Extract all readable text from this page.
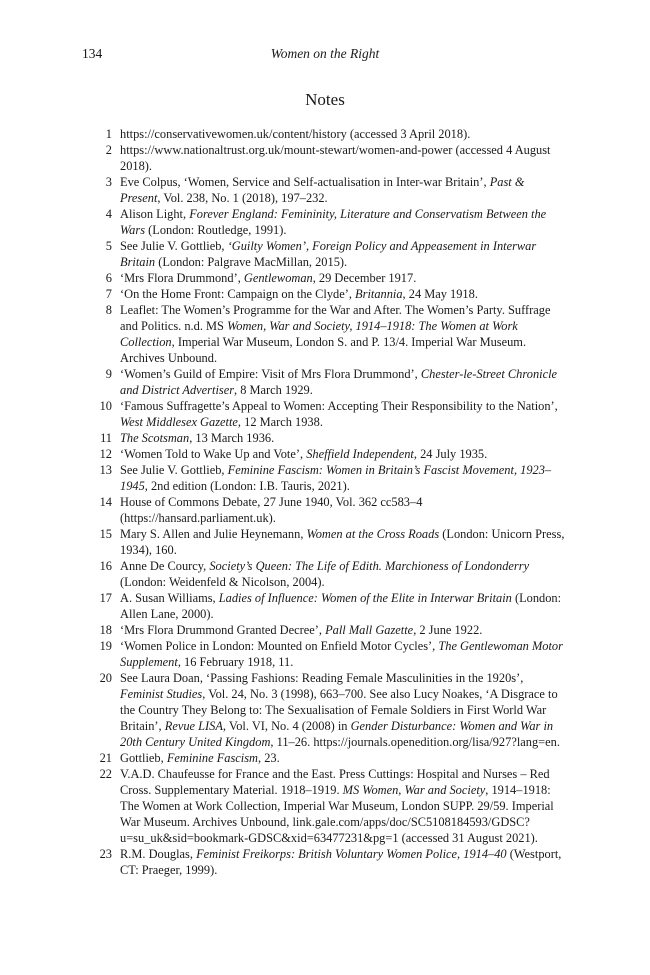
134	Women on the Right
Notes
1 https://conservativewomen.uk/content/history (accessed 3 April 2018).
2 https://www.nationaltrust.org.uk/mount-stewart/women-and-power (accessed 4 August 2018).
3 Eve Colpus, ‘Women, Service and Self-actualisation in Inter-war Britain’, Past & Present, Vol. 238, No. 1 (2018), 197–232.
4 Alison Light, Forever England: Femininity, Literature and Conservatism Between the Wars (London: Routledge, 1991).
5 See Julie V. Gottlieb, ‘Guilty Women’, Foreign Policy and Appeasement in Interwar Britain (London: Palgrave MacMillan, 2015).
6 ‘Mrs Flora Drummond’, Gentlewoman, 29 December 1917.
7 ‘On the Home Front: Campaign on the Clyde’, Britannia, 24 May 1918.
8 Leaflet: The Women’s Programme for the War and After. The Women’s Party. Suffrage and Politics. n.d. MS Women, War and Society, 1914–1918: The Women at Work Collection, Imperial War Museum, London S. and P. 13/4. Imperial War Museum. Archives Unbound.
9 ‘Women’s Guild of Empire: Visit of Mrs Flora Drummond’, Chester-le-Street Chronicle and District Advertiser, 8 March 1929.
10 ‘Famous Suffragette’s Appeal to Women: Accepting Their Responsibility to the Nation’, West Middlesex Gazette, 12 March 1938.
11 The Scotsman, 13 March 1936.
12 ‘Women Told to Wake Up and Vote’, Sheffield Independent, 24 July 1935.
13 See Julie V. Gottlieb, Feminine Fascism: Women in Britain’s Fascist Movement, 1923–1945, 2nd edition (London: I.B. Tauris, 2021).
14 House of Commons Debate, 27 June 1940, Vol. 362 cc583–4 (https://hansard.parliament.uk).
15 Mary S. Allen and Julie Heynemann, Women at the Cross Roads (London: Unicorn Press, 1934), 160.
16 Anne De Courcy, Society’s Queen: The Life of Edith. Marchioness of Londonderry (London: Weidenfeld & Nicolson, 2004).
17 A. Susan Williams, Ladies of Influence: Women of the Elite in Interwar Britain (London: Allen Lane, 2000).
18 ‘Mrs Flora Drummond Granted Decree’, Pall Mall Gazette, 2 June 1922.
19 ‘Women Police in London: Mounted on Enfield Motor Cycles’, The Gentlewoman Motor Supplement, 16 February 1918, 11.
20 See Laura Doan, ‘Passing Fashions: Reading Female Masculinities in the 1920s’, Feminist Studies, Vol. 24, No. 3 (1998), 663–700. See also Lucy Noakes, ‘A Disgrace to the Country They Belong to: The Sexualisation of Female Soldiers in First World War Britain’, Revue LISA, Vol. VI, No. 4 (2008) in Gender Disturbance: Women and War in 20th Century United Kingdom, 11–26. https://journals.openedition.org/lisa/927?lang=en.
21 Gottlieb, Feminine Fascism, 23.
22 V.A.D. Chaufeusse for France and the East. Press Cuttings: Hospital and Nurses – Red Cross. Supplementary Material. 1918–1919. MS Women, War and Society, 1914–1918: The Women at Work Collection, Imperial War Museum, London SUPP. 29/59. Imperial War Museum. Archives Unbound, link.gale.com/apps/doc/SC5108184593/GDSC?u=su_uk&sid=bookmark-GDSC&xid=63477231&pg=1 (accessed 31 August 2021).
23 R.M. Douglas, Feminist Freikorps: British Voluntary Women Police, 1914–40 (Westport, CT: Praeger, 1999).
